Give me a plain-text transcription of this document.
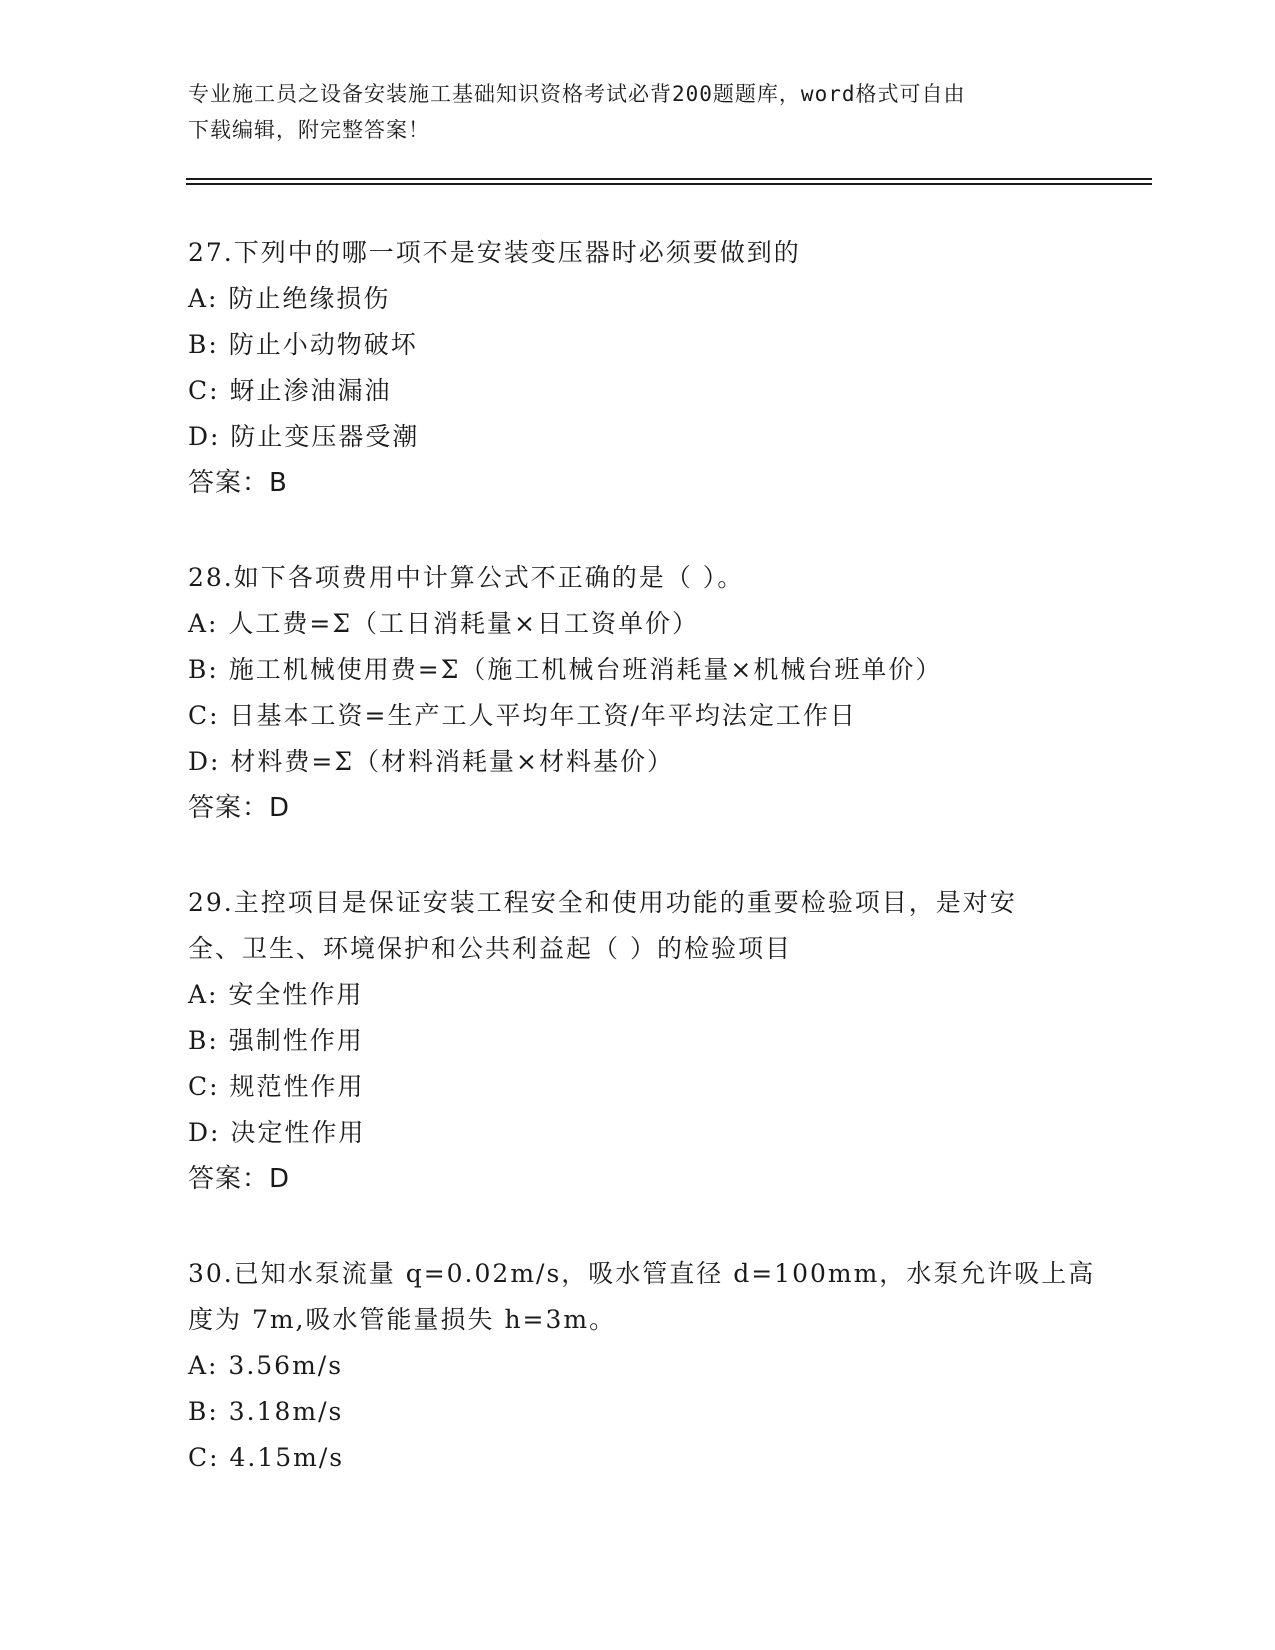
专业施工员之设备安装施工基础知识资格考试必背200题题库，word格式可自由
下载编辑，附完整答案！
27.下列中的哪一项不是安装变压器时必须要做到的
A: 防止绝缘损伤
B: 防止小动物破坏
C: 蚜止渗油漏油
D: 防止变压器受潮
答案：B
28.如下各项费用中计算公式不正确的是（ ）。
A: 人工费=Σ（工日消耗量×日工资单价）
B: 施工机械使用费=Σ（施工机械台班消耗量×机械台班单价）
C: 日基本工资=生产工人平均年工资/年平均法定工作日
D: 材料费=Σ（材料消耗量×材料基价）
答案：D
29.主控项目是保证安装工程安全和使用功能的重要检验项目，是对安
全、卫生、环境保护和公共利益起（ ）的检验项目
A: 安全性作用
B: 强制性作用
C: 规范性作用
D: 决定性作用
答案：D
30.已知水泵流量 q=0.02m/s，吸水管直径 d=100mm，水泵允许吸上高
度为 7m,吸水管能量损失 h=3m。
A: 3.56m/s
B: 3.18m/s
C: 4.15m/s
